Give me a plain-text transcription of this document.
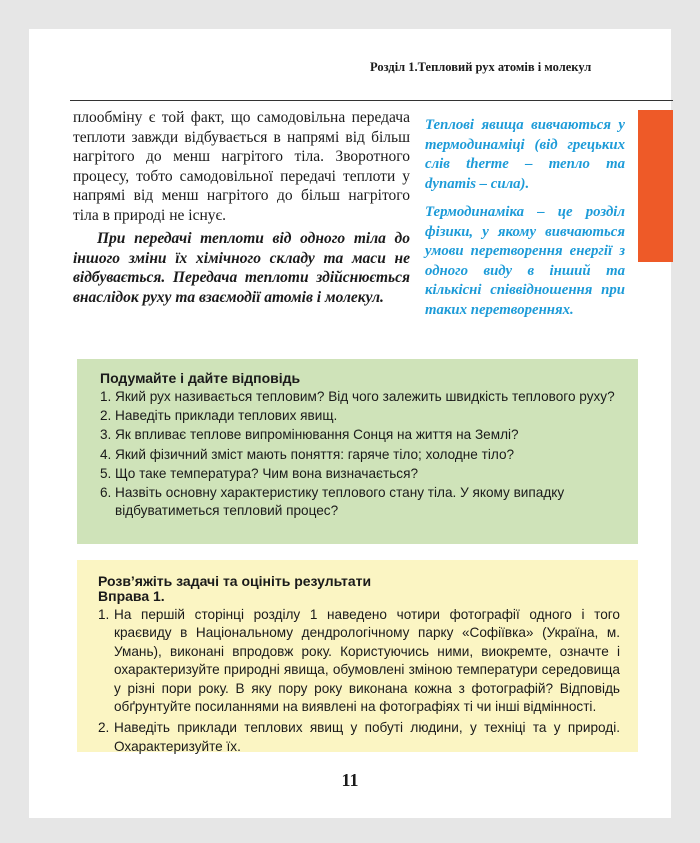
Розділ 1.Тепловий рух атомів і молекул

плообміну є той факт, що самодовільна передача теплоти завжди відбувається в напрямі від більш нагрітого до менш нагрітого тіла. Зворотного процесу, тобто самодовільної передачі теплоти у напрямі від менш нагрітого до більш нагрітого тіла в природі не існує.

При передачі теплоти від одного тіла до іншого зміни їх хімічного складу та маси не відбувається. Передача теплоти здійснюється внаслідок руху та взаємодії атомів і молекул.

Теплові явища вивчаються у термодинаміці (від грецьких слів therme – тепло та dynamis – сила).

Термодинаміка – це розділ фізики, у якому вивчаються умови перетворення енергії з одного виду в інший та кількісні співвідношення при таких перетвореннях.

Подумайте і дайте відповідь
1. Який рух називається тепловим? Від чого залежить швидкість теплового руху?
2. Наведіть приклади теплових явищ.
3. Як впливає теплове випромінювання Сонця на життя на Землі?
4. Який фізичний зміст мають поняття: гаряче тіло; холодне тіло?
5. Що таке температура? Чим вона визначається?
6. Назвіть основну характеристику теплового стану тіла. У якому випадку відбуватиметься тепловий процес?
Розв’яжіть задачі та оцініть результати
Вправа 1.
1. На першій сторінці розділу 1 наведено чотири фотографії одного і того краєвиду в Національному дендрологічному парку «Софіївка» (Україна, м. Умань), виконані впродовж року. Користуючись ними, виокремте, означте і охарактеризуйте природні явища, обумовлені зміною температури середовища у різні пори року. В яку пору року виконана кожна з фотографій? Відповідь обґрунтуйте посиланнями на виявлені на фотографіях ті чи інші відмінності.
2. Наведіть приклади теплових явищ у побуті людини, у техніці та у природі. Охарактеризуйте їх.
11
